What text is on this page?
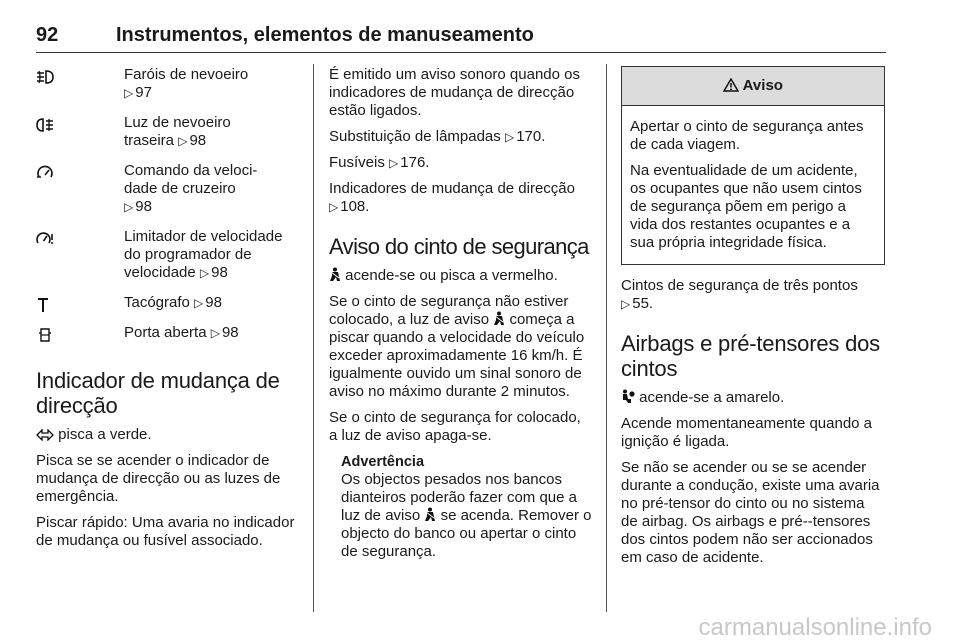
92	Instrumentos, elementos de manuseamento
Faróis de nevoeiro
▷ 97
Luz de nevoeiro
traseira ▷ 98
Comando da veloci-
dade de cruzeiro
▷ 98
Limitador de velocidade
do programador de
velocidade ▷ 98
Tacógrafo ▷ 98
Porta aberta ▷ 98
Indicador de mudança de direcção

pisca a verde.

Pisca se se acender o indicador de mudança de direcção ou as luzes de emergência.

Piscar rápido: Uma avaria no indicador de mudança ou fusível associado.

É emitido um aviso sonoro quando os indicadores de mudança de direcção estão ligados.

Substituição de lâmpadas ▷ 170.

Fusíveis ▷ 176.

Indicadores de mudança de direcção ▷ 108.

Aviso do cinto de segurança

acende-se ou pisca a vermelho.

Se o cinto de segurança não estiver colocado, a luz de aviso começa a piscar quando a velocidade do veículo exceder aproximadamente 16 km/h. É igualmente ouvido um sinal sonoro de aviso no máximo durante 2 minutos.

Se o cinto de segurança for colocado, a luz de aviso apaga-se.

Advertência

Os objectos pesados nos bancos dianteiros poderão fazer com que a luz de aviso se acenda. Remover o objecto do banco ou apertar o cinto de segurança.

Aviso

Apertar o cinto de segurança antes de cada viagem.

Na eventualidade de um acidente, os ocupantes que não usem cintos de segurança põem em perigo a vida dos restantes ocupantes e a sua própria integridade física.

Cintos de segurança de três pontos ▷ 55.

Airbags e pré-tensores dos cintos

acende-se a amarelo.

Acende momentaneamente quando a ignição é ligada.

Se não se acender ou se se acender durante a condução, existe uma avaria no pré-tensor do cinto ou no sistema de airbag. Os airbags e pré--tensores dos cintos podem não ser accionados em caso de acidente.

carmanualsonline.info
